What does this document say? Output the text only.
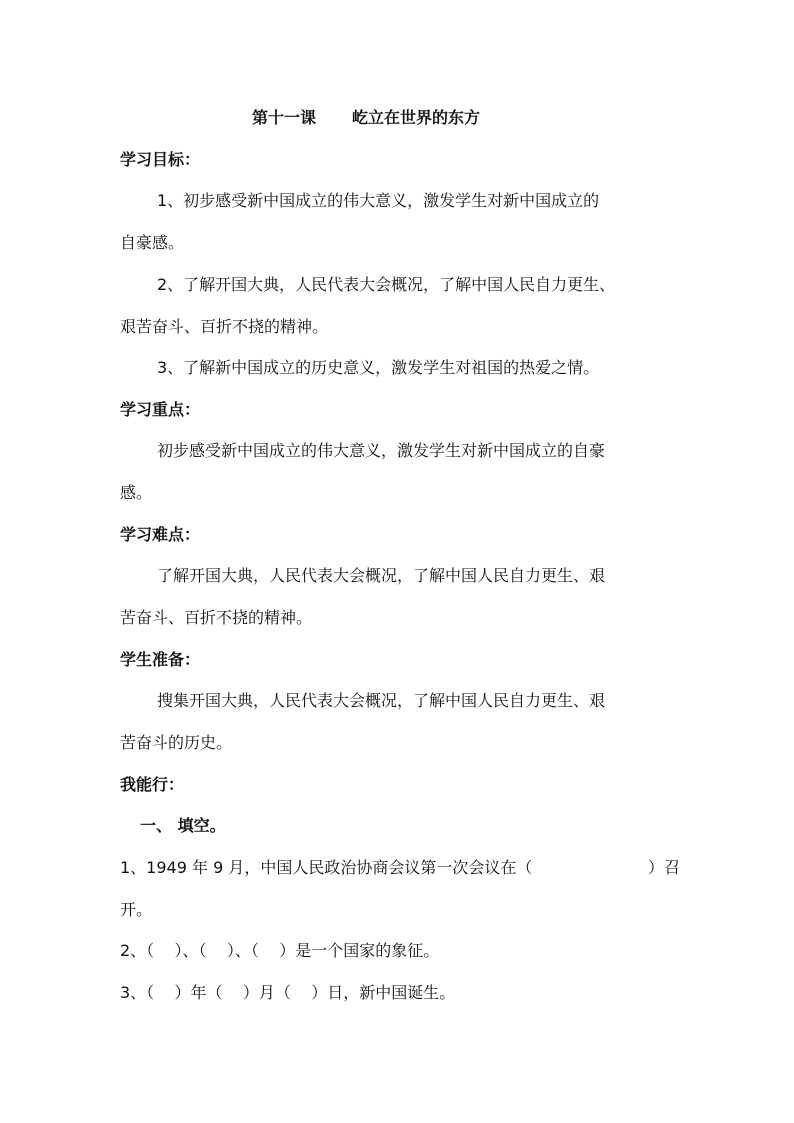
第十一课 屹立在世界的东方
学习目标：
1、初步感受新中国成立的伟大意义，激发学生对新中国成立的
自豪感。
2、了解开国大典，人民代表大会概况，了解中国人民自力更生、
艰苦奋斗、百折不挠的精神。
3、了解新中国成立的历史意义，激发学生对祖国的热爱之情。
学习重点：
初步感受新中国成立的伟大意义，激发学生对新中国成立的自豪
感。
学习难点：
了解开国大典，人民代表大会概况，了解中国人民自力更生、艰
苦奋斗、百折不挠的精神。
学生准备：
搜集开国大典，人民代表大会概况，了解中国人民自力更生、艰
苦奋斗的历史。
我能行：
一、 填空。
1、1949 年 9 月，中国人民政治协商会议第一次会议在（	）召
开。
2、（    ）、（    ）、（    ）是一个国家的象征。
3、（    ）年（    ）月（    ）日，新中国诞生。
